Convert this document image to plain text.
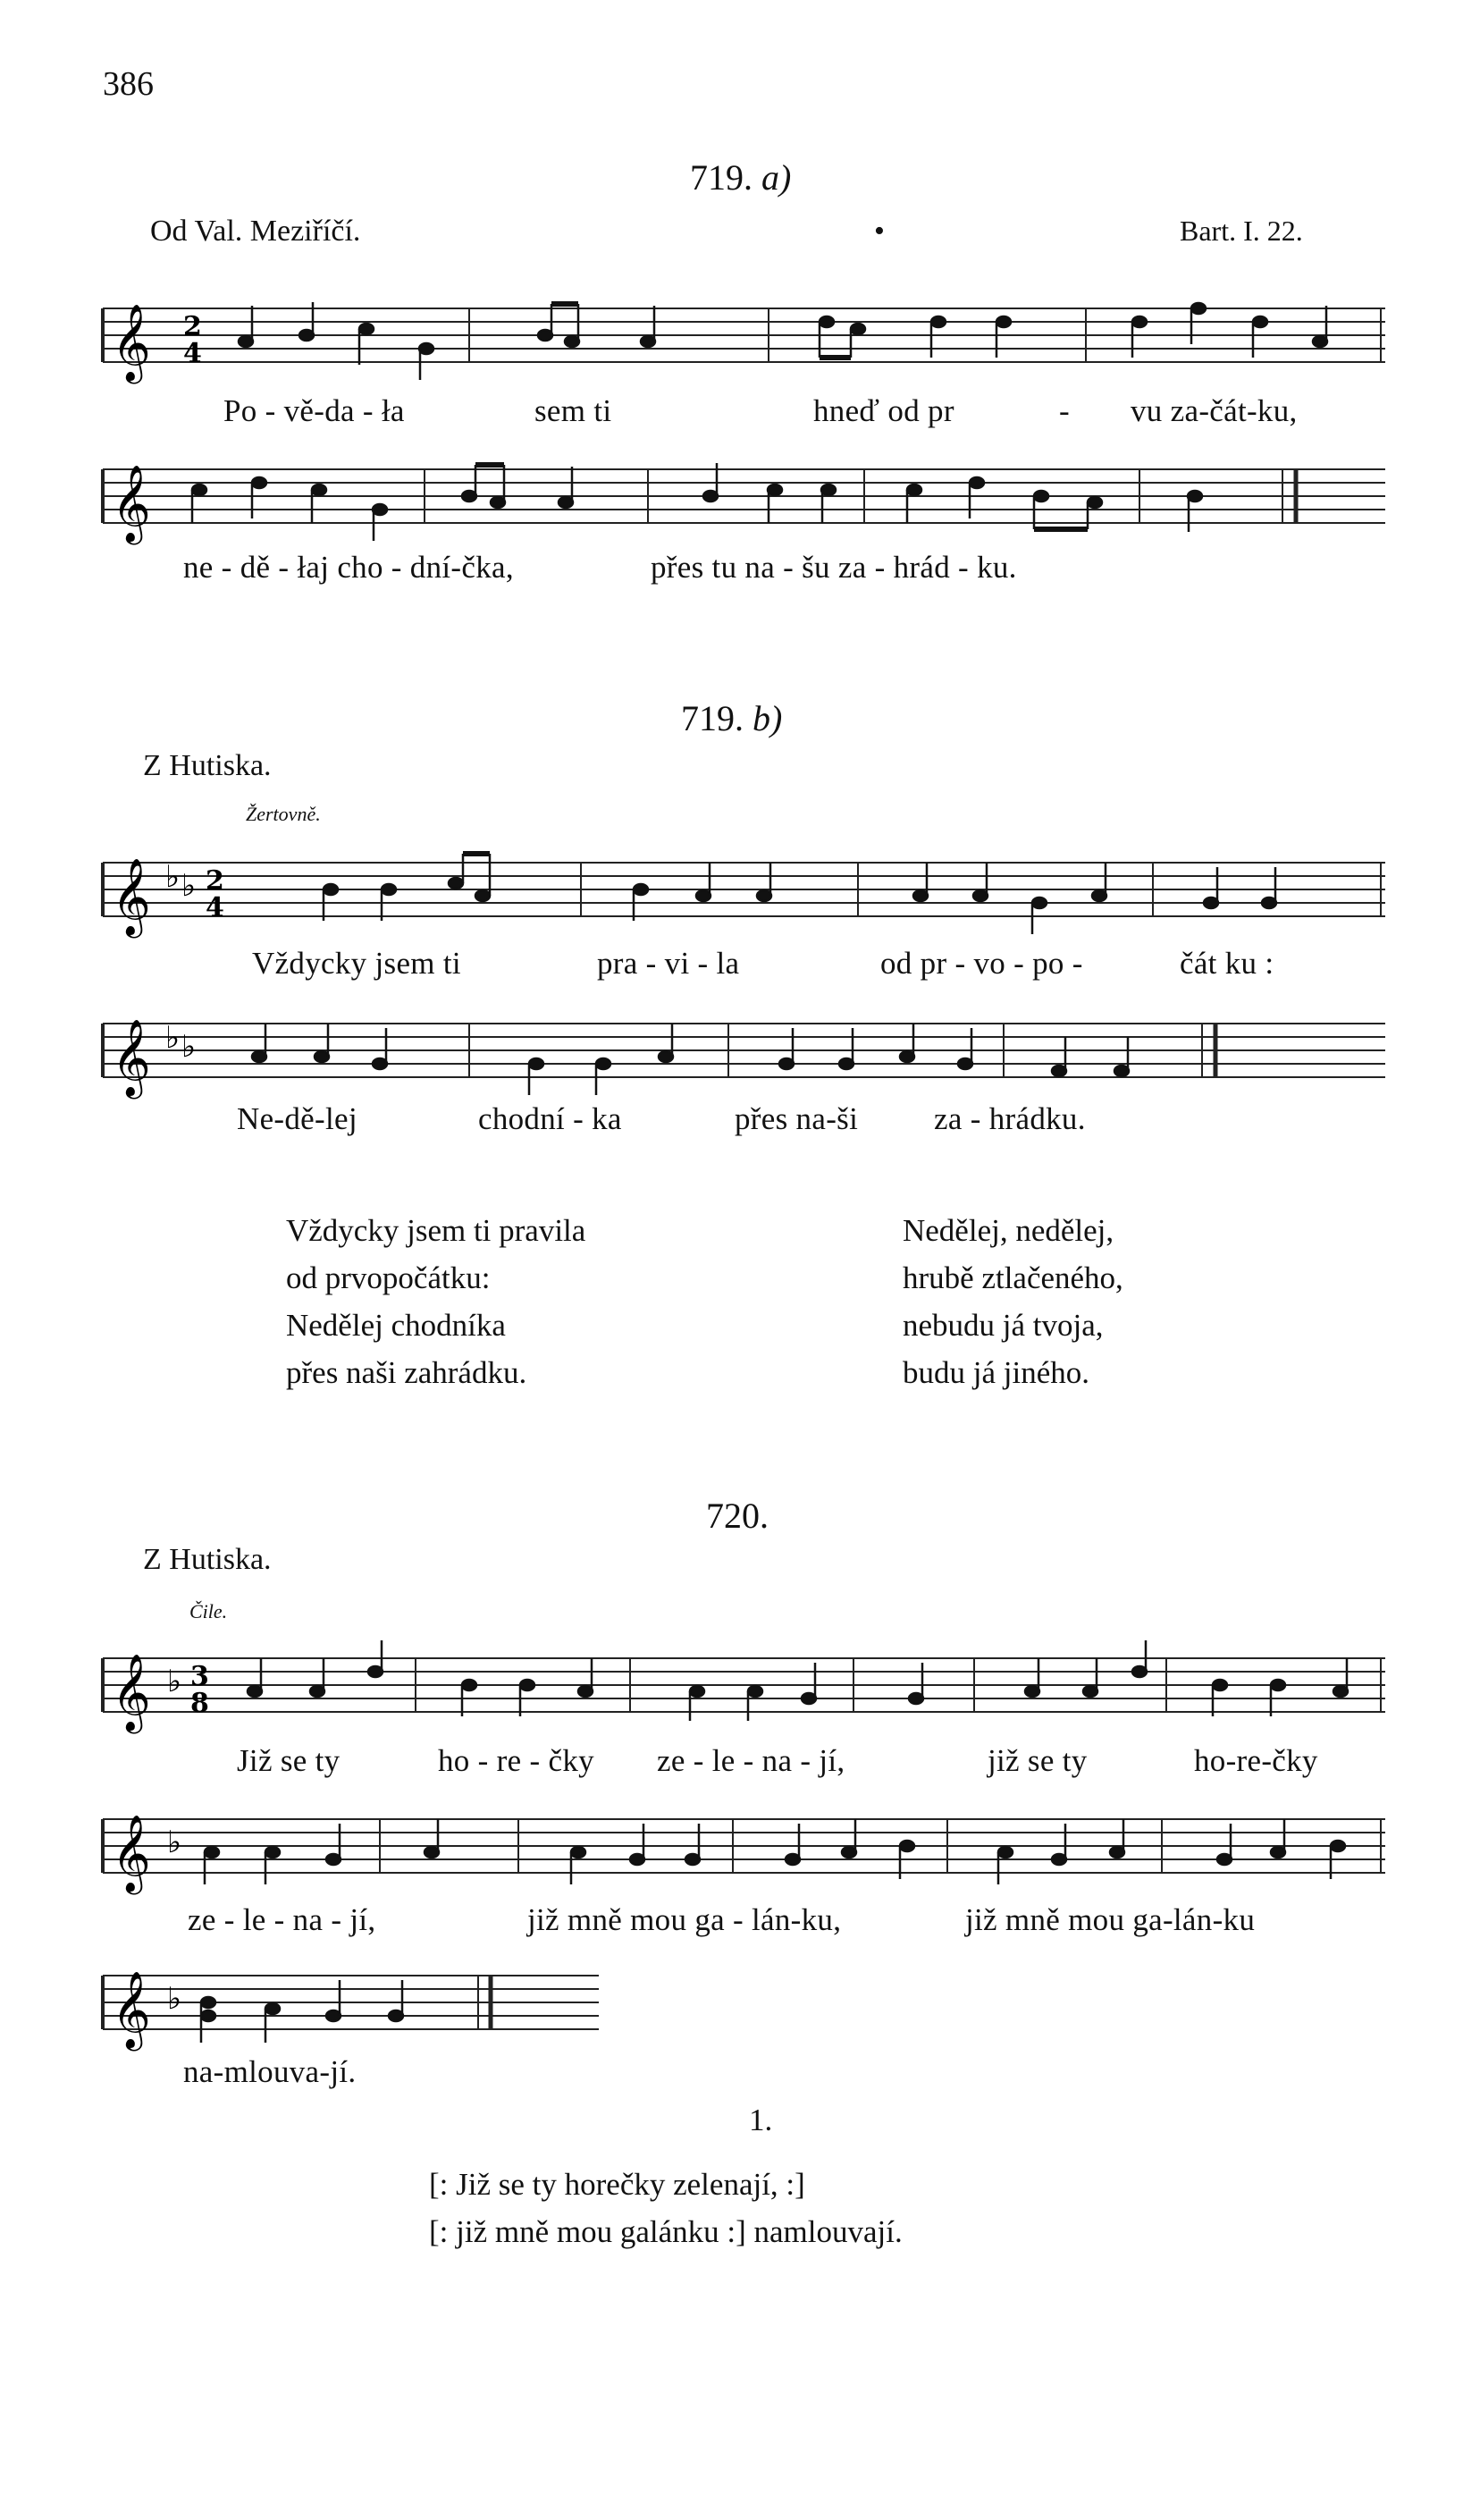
386
719. a)
Od Val. Meziříčí.	•	Bart. I. 22.
𝄞 2
4
Po - vě-da - ła	sem ti	hneď od pr	- vu za-čát-ku,
𝄞
ne - dě - łaj cho - dní-čka,	přes tu na - šu za - hrád - ku.
719. b)
Z Hutiska.
Žertovně.
𝄞 ♭ ♭ 2
4
Vždycky jsem ti	pra - vi - la	od pr - vo - po -	čát ku :
𝄞 ♭ ♭
Ne-dě-lej	chodní - ka	přes na-ši za - hrádku.
Vždycky jsem ti pravila
od prvopočátku:
Nedělej chodníka
přes naši zahrádku.
Nedělej, nedělej,
hrubě ztlačeného,
nebudu já tvoja,
budu já jiného.
720.
Z Hutiska.
Čile.
𝄞 ♭ 3
8
Již se ty	ho - re - čky ze - le - na - jí,	již se ty	ho-re-čky
𝄞 ♭
ze - le - na - jí,	již mně mou ga - lán-ku,	již mně mou ga-lán-ku
𝄞 ♭
na-mlouva-jí.
1.
[: Již se ty horečky zelenají, :]
[: již mně mou galánku :] namlouvají.
